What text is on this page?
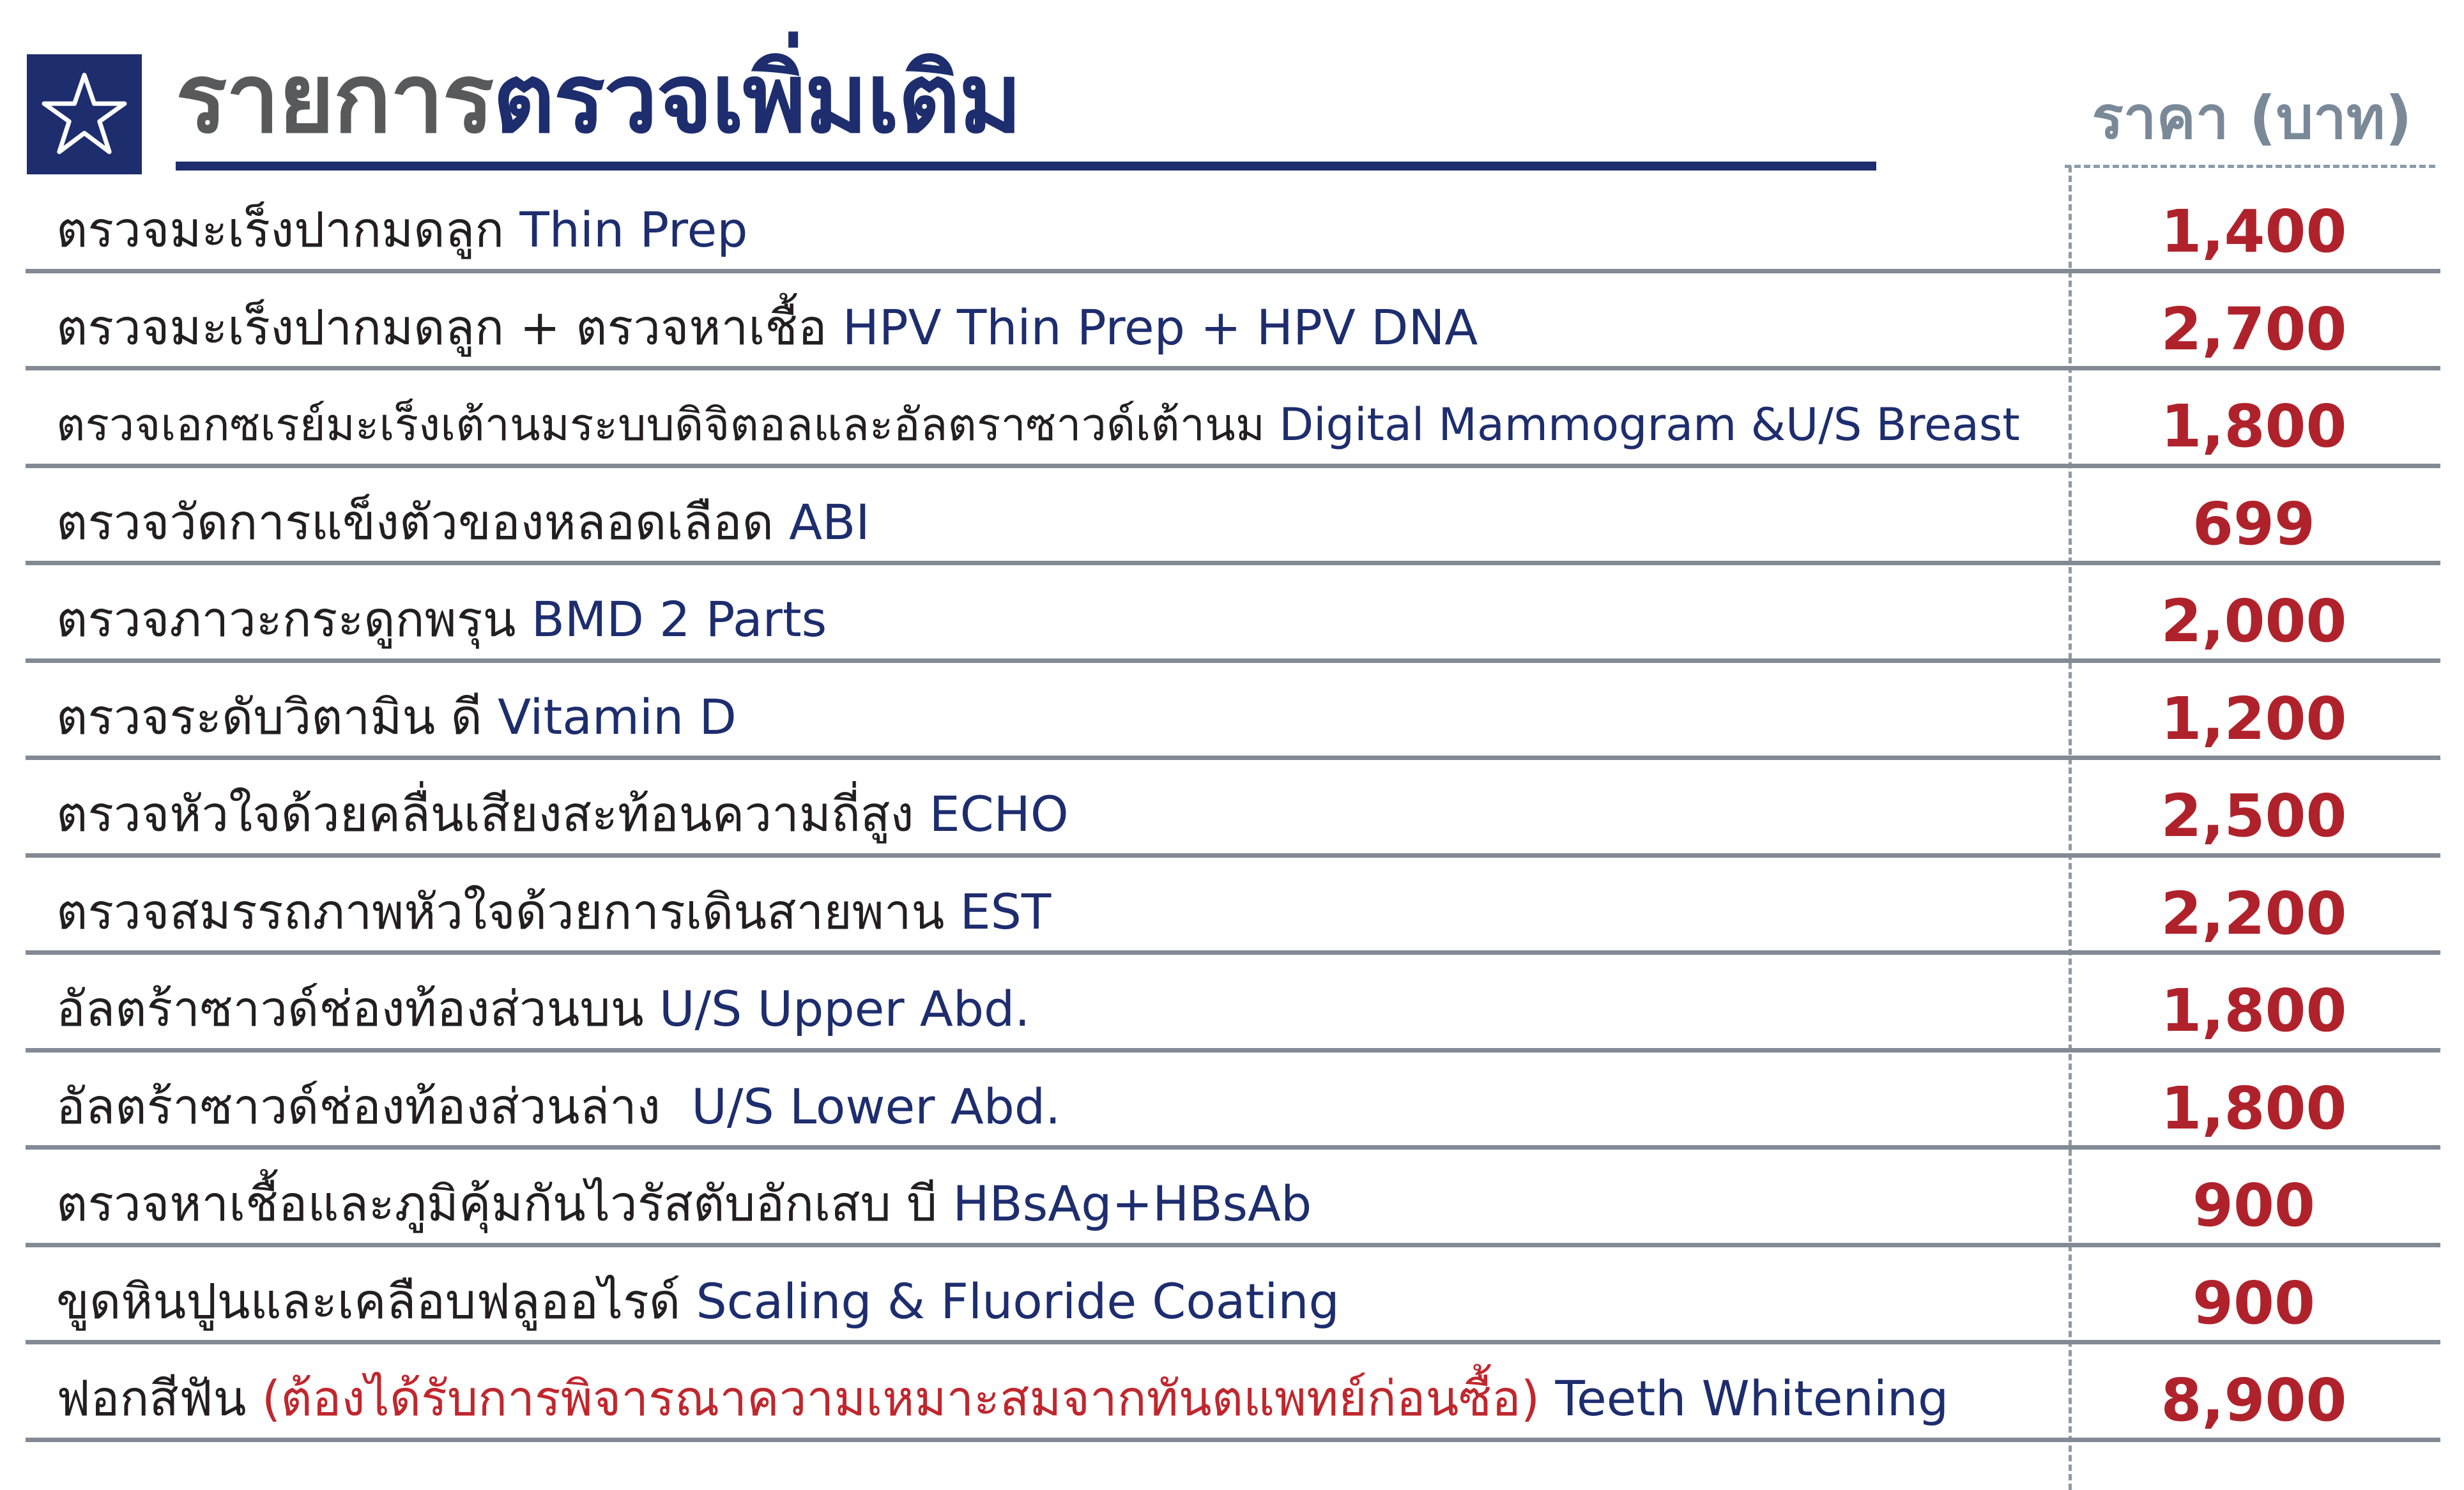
รายการตรวจเพิ่มเติม	ราคา (บาท)
ตรวจมะเร็งปากมดลูก Thin Prep	1,400
ตรวจมะเร็งปากมดลูก + ตรวจหาเชื้อ HPV Thin Prep + HPV DNA	2,700
ตรวจเอกซเรย์มะเร็งเต้านมระบบดิจิตอลและอัลตราซาวด์เต้านม Digital Mammogram &U/S Breast	1,800
ตรวจวัดการแข็งตัวของหลอดเลือด ABI	699
ตรวจภาวะกระดูกพรุน BMD 2 Parts	2,000
ตรวจระดับวิตามิน ดี Vitamin D	1,200
ตรวจหัวใจด้วยคลื่นเสียงสะท้อนความถี่สูง ECHO	2,500
ตรวจสมรรถภาพหัวใจด้วยการเดินสายพาน EST	2,200
อัลตร้าซาวด์ช่องท้องส่วนบน U/S Upper Abd.	1,800
อัลตร้าซาวด์ช่องท้องส่วนล่าง  U/S Lower Abd.	1,800
ตรวจหาเชื้อและภูมิคุ้มกันไวรัสตับอักเสบ บี HBsAg+HBsAb	900
ขูดหินปูนและเคลือบฟลูออไรด์ Scaling & Fluoride Coating	900
ฟอกสีฟัน (ต้องได้รับการพิจารณาความเหมาะสมจากทันตแพทย์ก่อนซื้อ) Teeth Whitening	8,900
